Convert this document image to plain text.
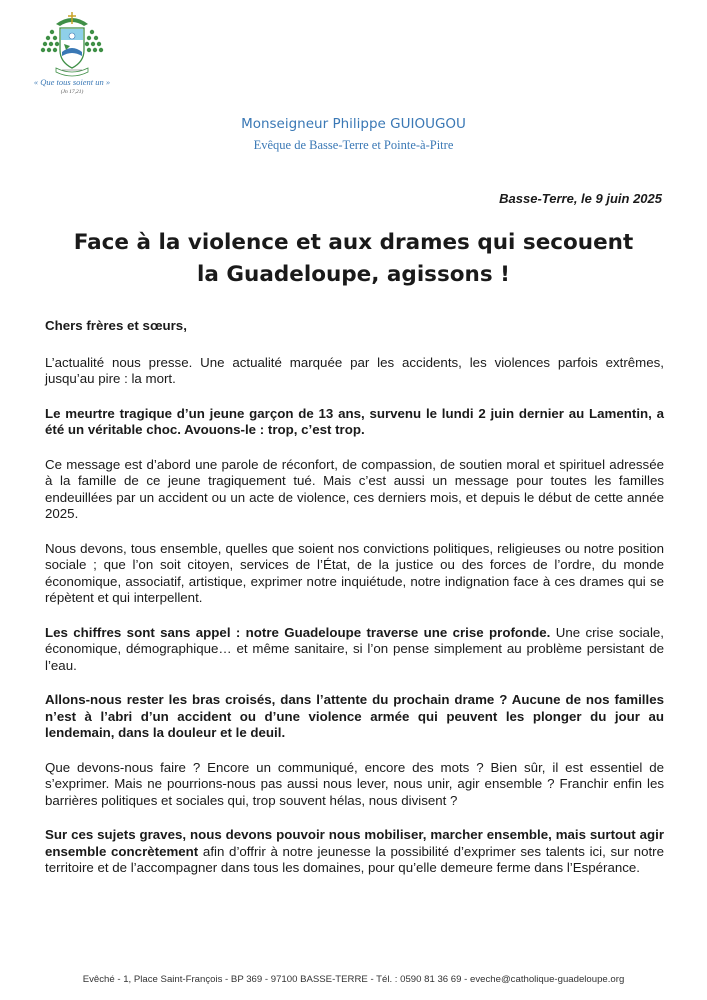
« Que tous soient un »
(Jn 17,21)
Monseigneur Philippe GUIOUGOU
Evêque de Basse-Terre et Pointe-à-Pitre
Basse-Terre, le 9 juin 2025
Face à la violence et aux drames qui secouent
la Guadeloupe, agissons !

Chers frères et sœurs,

L’actualité nous presse. Une actualité marquée par les accidents, les violences parfois extrêmes, jusqu’au pire : la mort.

Le meurtre tragique d’un jeune garçon de 13 ans, survenu le lundi 2 juin dernier au Lamentin, a été un véritable choc. Avouons-le : trop, c’est trop.

Ce message est d’abord une parole de réconfort, de compassion, de soutien moral et spirituel adressée à la famille de ce jeune tragiquement tué. Mais c’est aussi un message pour toutes les familles endeuillées par un accident ou un acte de violence, ces derniers mois, et depuis le début de cette année 2025.

Nous devons, tous ensemble, quelles que soient nos convictions politiques, religieuses ou notre position sociale ; que l’on soit citoyen, services de l’État, de la justice ou des forces de l’ordre, du monde économique, associatif, artistique, exprimer notre inquiétude, notre indignation face à ces drames qui se répètent et qui interpellent.

Les chiffres sont sans appel : notre Guadeloupe traverse une crise profonde. Une crise sociale, économique, démographique… et même sanitaire, si l’on pense simplement au problème persistant de l’eau.

Allons-nous rester les bras croisés, dans l’attente du prochain drame ? Aucune de nos familles n’est à l’abri d’un accident ou d’une violence armée qui peuvent les plonger du jour au lendemain, dans la douleur et le deuil.

Que devons-nous faire ? Encore un communiqué, encore des mots ? Bien sûr, il est essentiel de s’exprimer. Mais ne pourrions-nous pas aussi nous lever, nous unir, agir ensemble ? Franchir enfin les barrières politiques et sociales qui, trop souvent hélas, nous divisent ?

Sur ces sujets graves, nous devons pouvoir nous mobiliser, marcher ensemble, mais surtout agir ensemble concrètement afin d’offrir à notre jeunesse la possibilité d’exprimer ses talents ici, sur notre territoire et de l’accompagner dans tous les domaines, pour qu’elle demeure ferme dans l’Espérance.

Evêché - 1, Place Saint-François - BP 369 - 97100 BASSE-TERRE - Tél. : 0590 81 36 69 - eveche@catholique-guadeloupe.org
